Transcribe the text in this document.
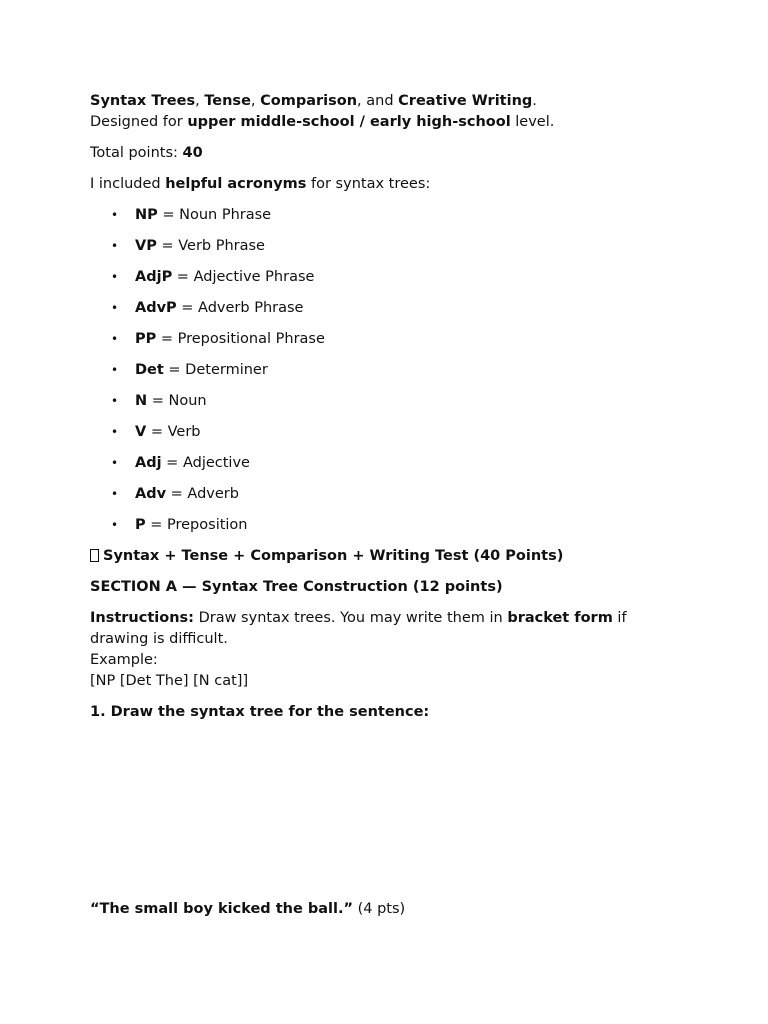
Syntax Trees, Tense, Comparison, and Creative Writing.

Designed for upper middle-school / early high-school level.

Total points: 40

I included helpful acronyms for syntax trees:

• NP = Noun Phrase
• VP = Verb Phrase
• AdjP = Adjective Phrase
• AdvP = Adverb Phrase
• PP = Prepositional Phrase
• Det = Determiner
• N = Noun
• V = Verb
• Adj = Adjective
• Adv = Adverb
• P = Preposition
Syntax + Tense + Comparison + Writing Test (40 Points)
SECTION A — Syntax Tree Construction (12 points)

Instructions: Draw syntax trees. You may write them in bracket form if drawing is difficult.

Example:

[NP [Det The] [N cat]]

1. Draw the syntax tree for the sentence:

“The small boy kicked the ball.” (4 pts)
